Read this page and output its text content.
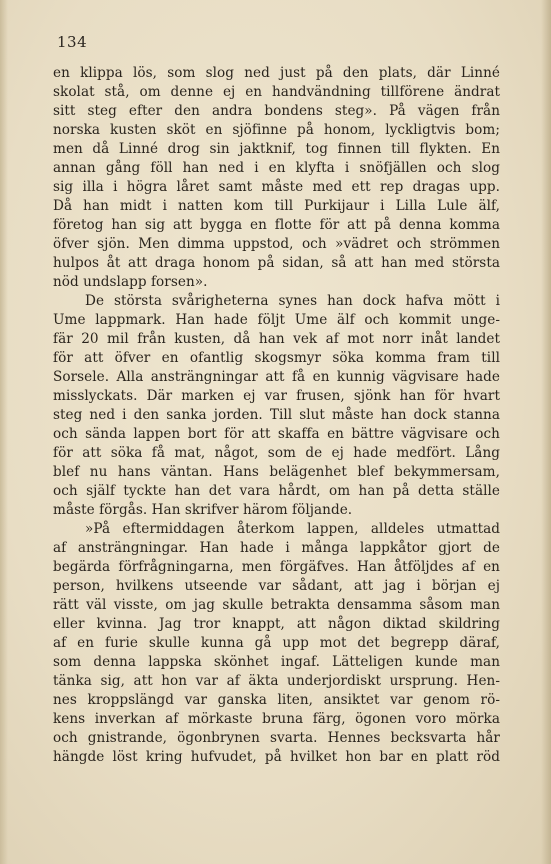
134
en klippa lös, som slog ned just på den plats, där Linné
skolat stå, om denne ej en handvändning tillförene ändrat
sitt steg efter den andra bondens steg». På vägen från
norska kusten sköt en sjöfinne på honom, lyckligtvis bom;
men då Linné drog sin jaktknif, tog finnen till flykten. En
annan gång föll han ned i en klyfta i snöfjällen och slog
sig illa i högra låret samt måste med ett rep dragas upp.
Då han midt i natten kom till Purkijaur i Lilla Lule älf,
företog han sig att bygga en flotte för att på denna komma
öfver sjön. Men dimma uppstod, och »vädret och strömmen
hulpos åt att draga honom på sidan, så att han med största
nöd undslapp forsen».
De största svårigheterna synes han dock hafva mött i
Ume lappmark. Han hade följt Ume älf och kommit unge-
fär 20 mil från kusten, då han vek af mot norr inåt landet
för att öfver en ofantlig skogsmyr söka komma fram till
Sorsele. Alla ansträngningar att få en kunnig vägvisare hade
misslyckats. Där marken ej var frusen, sjönk han för hvart
steg ned i den sanka jorden. Till slut måste han dock stanna
och sända lappen bort för att skaffa en bättre vägvisare och
för att söka få mat, något, som de ej hade medfört. Lång
blef nu hans väntan. Hans belägenhet blef bekymmersam,
och själf tyckte han det vara hårdt, om han på detta ställe
måste förgås. Han skrifver härom följande.
»På eftermiddagen återkom lappen, alldeles utmattad
af ansträngningar. Han hade i många lappkåtor gjort de
begärda förfrågningarna, men förgäfves. Han åtföljdes af en
person, hvilkens utseende var sådant, att jag i början ej
rätt väl visste, om jag skulle betrakta densamma såsom man
eller kvinna. Jag tror knappt, att någon diktad skildring
af en furie skulle kunna gå upp mot det begrepp däraf,
som denna lappska skönhet ingaf. Lätteligen kunde man
tänka sig, att hon var af äkta underjordiskt ursprung. Hen-
nes kroppslängd var ganska liten, ansiktet var genom rö-
kens inverkan af mörkaste bruna färg, ögonen voro mörka
och gnistrande, ögonbrynen svarta. Hennes becksvarta hår
hängde löst kring hufvudet, på hvilket hon bar en platt röd
